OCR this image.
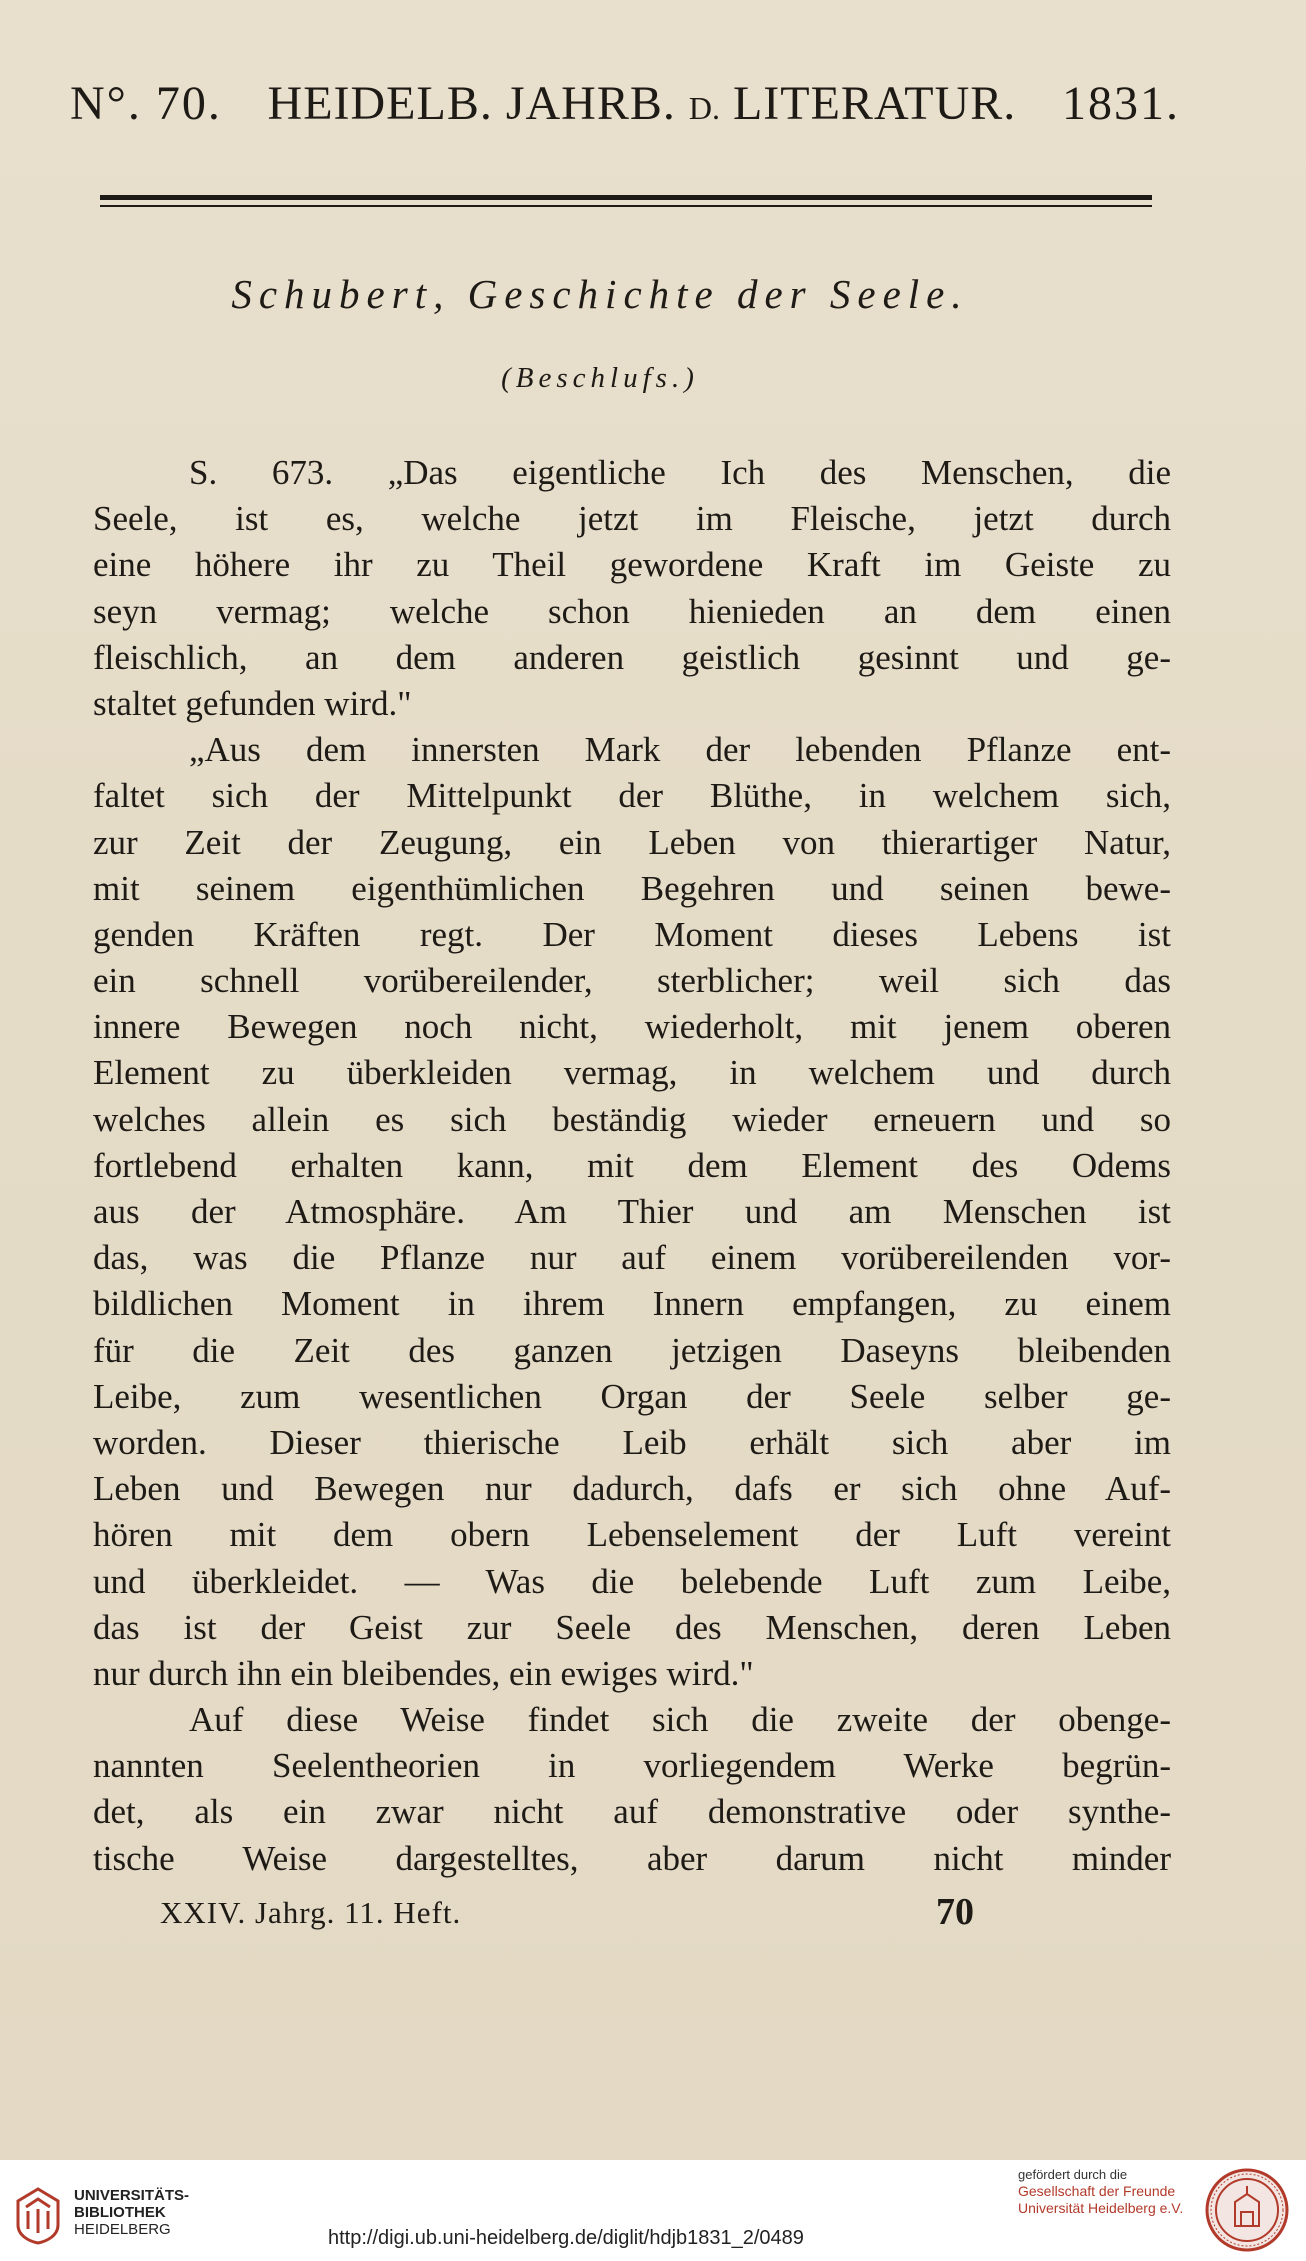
N°. 70. HEIDELB. JAHRB. D. LITERATUR. 1831.
Schubert, Geschichte der Seele.
(Beschlufs.)
S. 673. „Das eigentliche Ich des Menschen, die
Seele, ist es, welche jetzt im Fleische, jetzt durch
eine höhere ihr zu Theil gewordene Kraft im Geiste zu
seyn vermag; welche schon hienieden an dem einen
fleischlich, an dem anderen geistlich gesinnt und ge-
staltet gefunden wird."
„Aus dem innersten Mark der lebenden Pflanze ent-
faltet sich der Mittelpunkt der Blüthe, in welchem sich,
zur Zeit der Zeugung, ein Leben von thierartiger Natur,
mit seinem eigenthümlichen Begehren und seinen bewe-
genden Kräften regt. Der Moment dieses Lebens ist
ein schnell vorübereilender, sterblicher; weil sich das
innere Bewegen noch nicht, wiederholt, mit jenem oberen
Element zu überkleiden vermag, in welchem und durch
welches allein es sich beständig wieder erneuern und so
fortlebend erhalten kann, mit dem Element des Odems
aus der Atmosphäre. Am Thier und am Menschen ist
das, was die Pflanze nur auf einem vorübereilenden vor-
bildlichen Moment in ihrem Innern empfangen, zu einem
für die Zeit des ganzen jetzigen Daseyns bleibenden
Leibe, zum wesentlichen Organ der Seele selber ge-
worden. Dieser thierische Leib erhält sich aber im
Leben und Bewegen nur dadurch, dafs er sich ohne Auf-
hören mit dem obern Lebenselement der Luft vereint
und überkleidet. — Was die belebende Luft zum Leibe,
das ist der Geist zur Seele des Menschen, deren Leben
nur durch ihn ein bleibendes, ein ewiges wird."
Auf diese Weise findet sich die zweite der obenge-
nannten Seelentheorien in vorliegendem Werke begrün-
det, als ein zwar nicht auf demonstrative oder synthe-
tische Weise dargestelltes, aber darum nicht minder
XXIV. Jahrg. 11. Heft.	70
UNIVERSITÄTS-
BIBLIOTHEK
HEIDELBERG	http://digi.ub.uni-heidelberg.de/diglit/hdjb1831_2/0489
gefördert durch die
Gesellschaft der Freunde
Universität Heidelberg e.V.
